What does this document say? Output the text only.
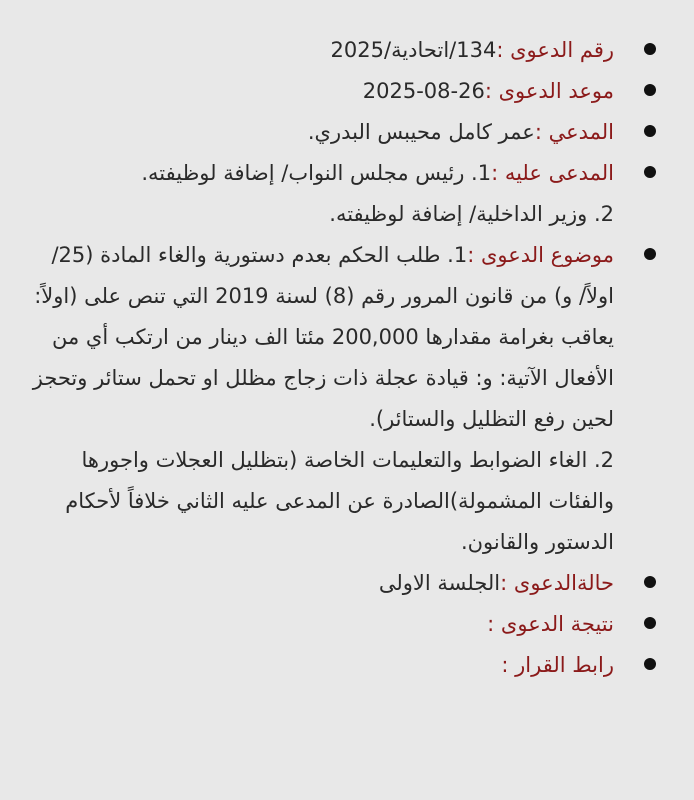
رقم الدعوى :134/اتحادية/2025
موعد الدعوى :26-08-2025
المدعي :عمر كامل محيبس البدري.
المدعى عليه :1. رئيس مجلس النواب/ إضافة لوظيفته.
2. وزير الداخلية/ إضافة لوظيفته.
موضوع الدعوى :1. طلب الحكم بعدم دستورية والغاء المادة (25/ اولاً/ و) من قانون المرور رقم (8) لسنة 2019 التي تنص على (اولاً: يعاقب بغرامة مقدارها 200,000 مئتا الف دينار من ارتكب أي من الأفعال الآتية: و: قيادة عجلة ذات زجاج مظلل او تحمل ستائر وتحجز لحين رفع التظليل والستائر).
2. الغاء الضوابط والتعليمات الخاصة (بتظليل العجلات واجورها والفئات المشمولة)الصادرة عن المدعى عليه الثاني خلافاً لأحكام الدستور والقانون.
حالةالدعوى :الجلسة الاولى
نتيجة الدعوى :
رابط القرار :
